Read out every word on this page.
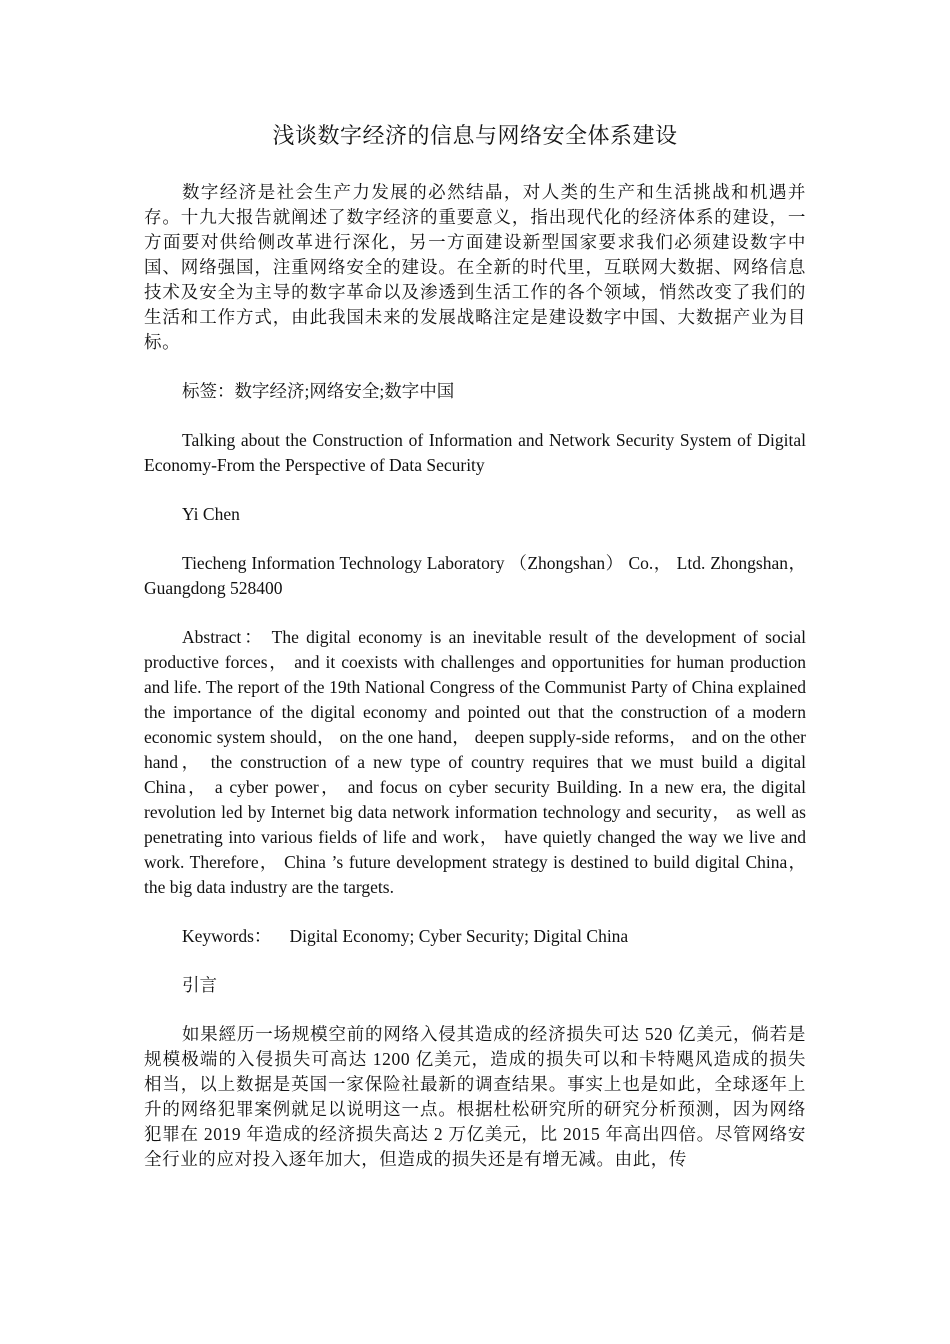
浅谈数字经济的信息与网络安全体系建设

数字经济是社会生产力发展的必然结晶，对人类的生产和生活挑战和机遇并存。十九大报告就阐述了数字经济的重要意义，指出现代化的经济体系的建设，一方面要对供给侧改革进行深化，另一方面建设新型国家要求我们必须建设数字中国、网络强国，注重网络安全的建设。在全新的时代里，互联网大数据、网络信息技术及安全为主导的数字革命以及渗透到生活工作的各个领域，悄然改变了我们的生活和工作方式，由此我国未来的发展战略注定是建设数字中国、大数据产业为目标。

标签：数字经济;网络安全;数字中国

Talking about the Construction of Information and Network Security System of Digital Economy-From the Perspective of Data Security

Yi Chen

Tiecheng Information Technology Laboratory （Zhongshan） Co.， Ltd. Zhongshan， Guangdong 528400

Abstract： The digital economy is an inevitable result of the development of social productive forces， and it coexists with challenges and opportunities for human production and life. The report of the 19th National Congress of the Communist Party of China explained the importance of the digital economy and pointed out that the construction of a modern economic system should， on the one hand， deepen supply-side reforms， and on the other hand， the construction of a new type of country requires that we must build a digital China， a cyber power， and focus on cyber security Building. In a new era, the digital revolution led by Internet big data network information technology and security， as well as penetrating into various fields of life and work， have quietly changed the way we live and work. Therefore， China ’s future development strategy is destined to build digital China， the big data industry are the targets.

Keywords： Digital Economy; Cyber Security; Digital China

引言

如果經历一场规模空前的网络入侵其造成的经济损失可达 520 亿美元，倘若是规模极端的入侵损失可高达 1200 亿美元，造成的损失可以和卡特飓风造成的损失相当，以上数据是英国一家保险社最新的调查结果。事实上也是如此，全球逐年上升的网络犯罪案例就足以说明这一点。根据杜松研究所的研究分析预测，因为网络犯罪在 2019 年造成的经济损失高达 2 万亿美元，比 2015 年高出四倍。尽管网络安全行业的应对投入逐年加大，但造成的损失还是有增无减。由此，传
